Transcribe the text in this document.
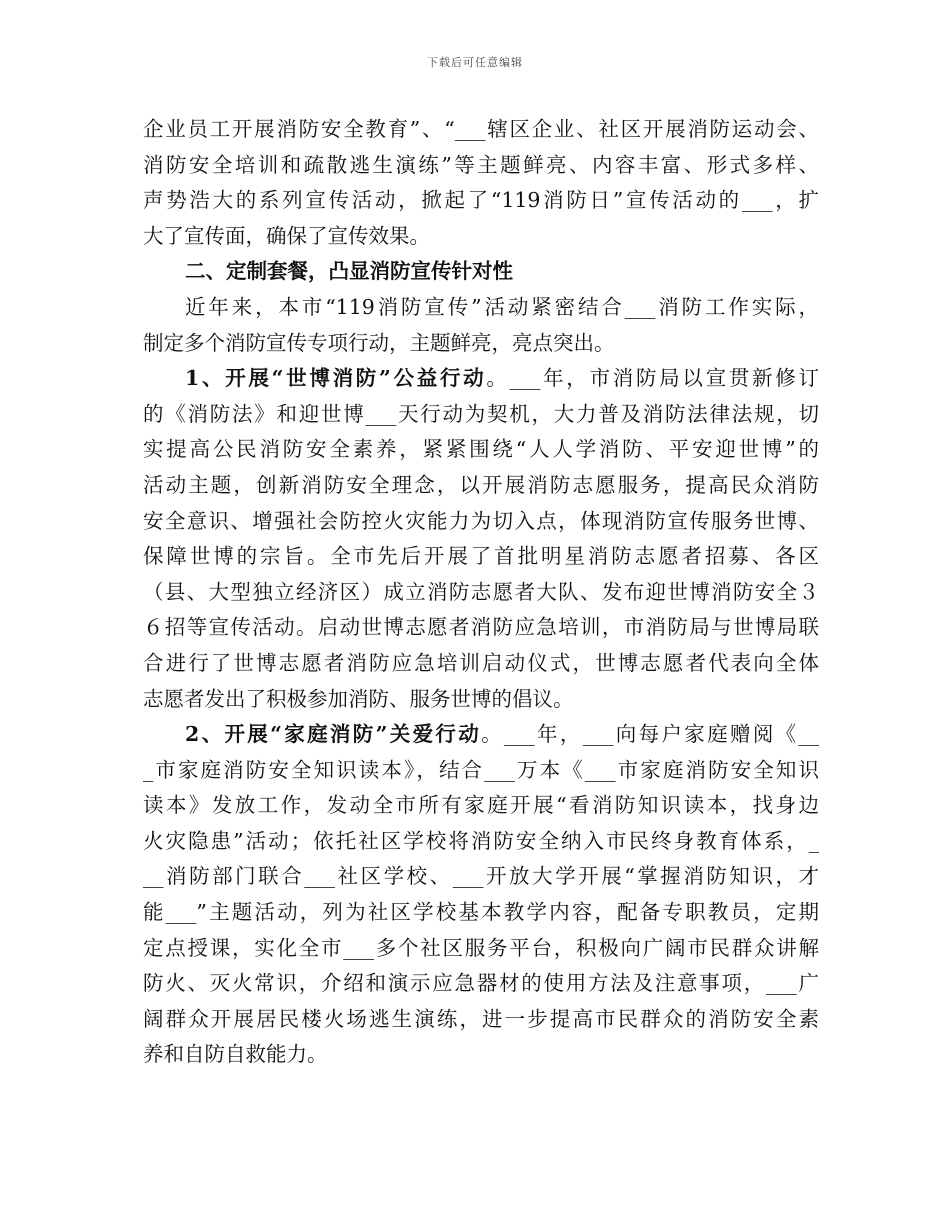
下载后可任意编辑
企业员工开展消防安全教育”、“___辖区企业、社区开展消防运动会、
消防安全培训和疏散逃生演练”等主题鲜亮、内容丰富、形式多样、
声势浩大的系列宣传活动，掀起了“119消防日”宣传活动的___，扩
大了宣传面，确保了宣传效果。
二、定制套餐，凸显消防宣传针对性
近年来，本市“119消防宣传”活动紧密结合___消防工作实际，
制定多个消防宣传专项行动，主题鲜亮，亮点突出。
1、开展“世博消防”公益行动。___年，市消防局以宣贯新修订
的《消防法》和迎世博___天行动为契机，大力普及消防法律法规，切
实提高公民消防安全素养，紧紧围绕“人人学消防、平安迎世博”的
活动主题，创新消防安全理念，以开展消防志愿服务，提高民众消防
安全意识、增强社会防控火灾能力为切入点，体现消防宣传服务世博、
保障世博的宗旨。全市先后开展了首批明星消防志愿者招募、各区
（县、大型独立经济区）成立消防志愿者大队、发布迎世博消防安全３
６招等宣传活动。启动世博志愿者消防应急培训，市消防局与世博局联
合进行了世博志愿者消防应急培训启动仪式，世博志愿者代表向全体
志愿者发出了积极参加消防、服务世博的倡议。
2、开展“家庭消防”关爱行动。___年，___向每户家庭赠阅《__
_市家庭消防安全知识读本》，结合___万本《___市家庭消防安全知识
读本》发放工作，发动全市所有家庭开展“看消防知识读本，找身边
火灾隐患”活动；依托社区学校将消防安全纳入市民终身教育体系，_
__消防部门联合___社区学校、___开放大学开展“掌握消防知识，才
能___”主题活动，列为社区学校基本教学内容，配备专职教员，定期
定点授课，实化全市___多个社区服务平台，积极向广阔市民群众讲解
防火、灭火常识，介绍和演示应急器材的使用方法及注意事项，___广
阔群众开展居民楼火场逃生演练，进一步提高市民群众的消防安全素
养和自防自救能力。
